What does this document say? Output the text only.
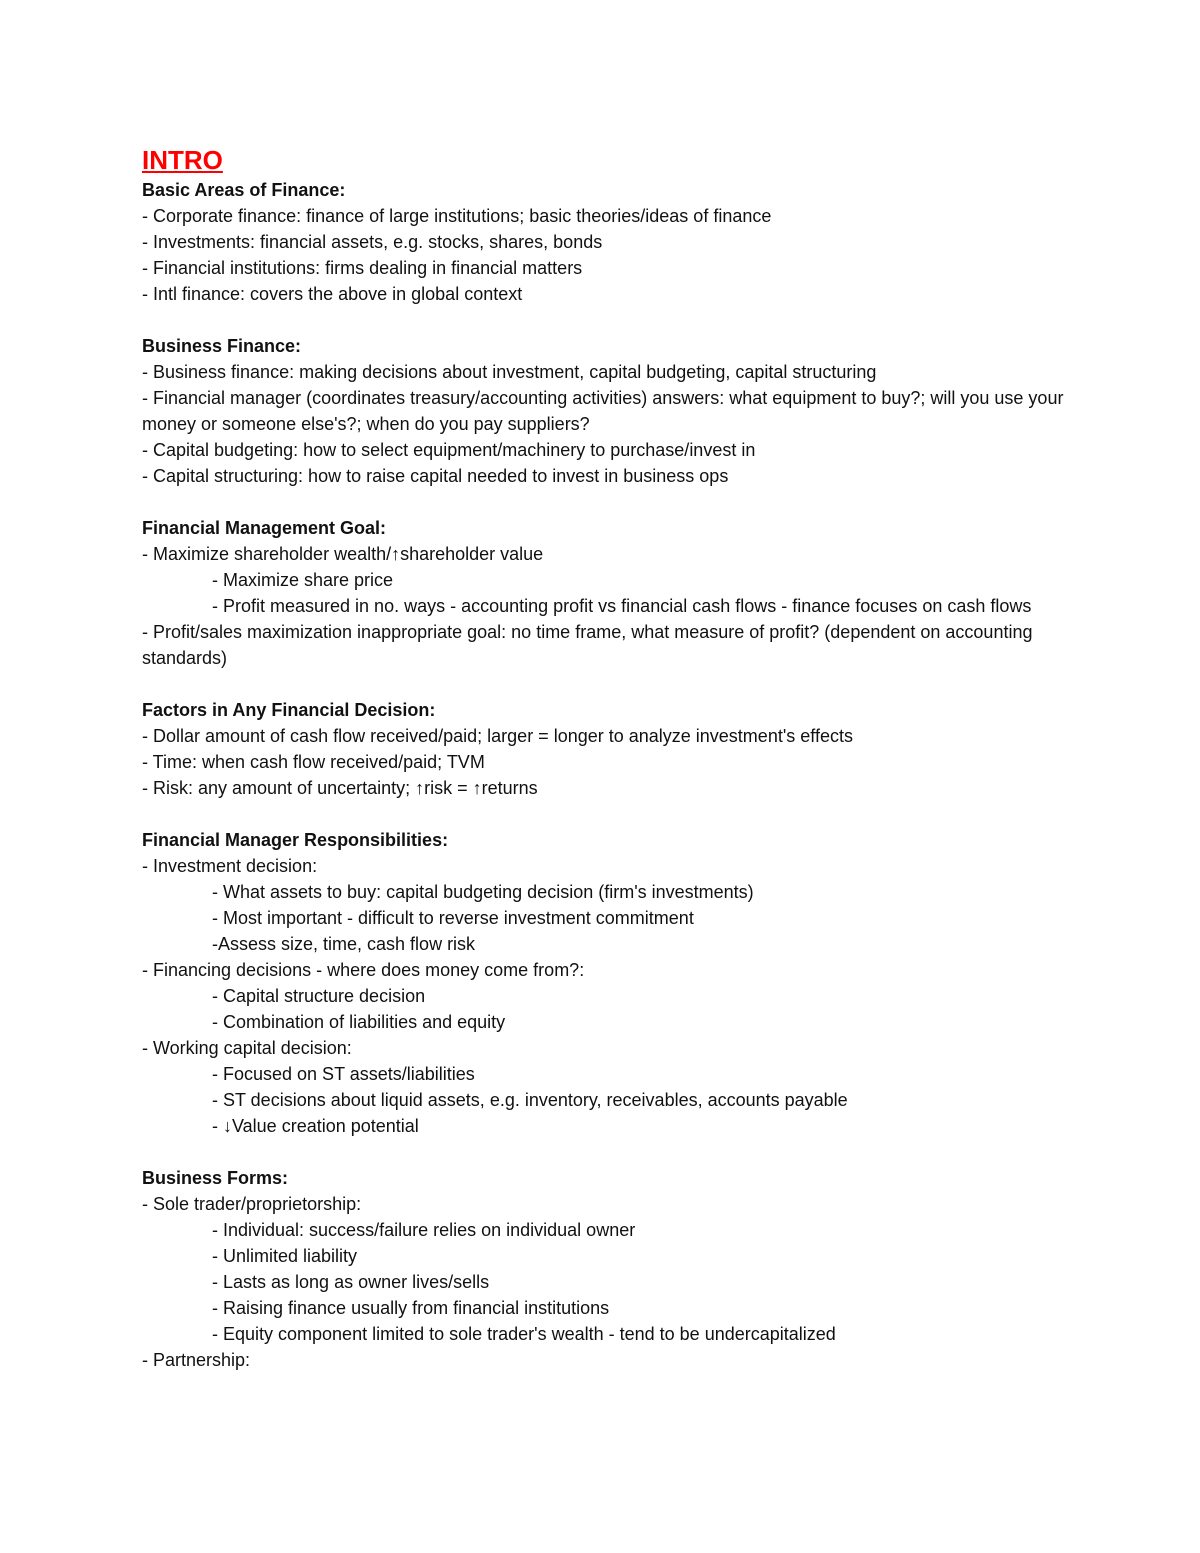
INTRO
Basic Areas of Finance:
- Corporate finance: finance of large institutions; basic theories/ideas of finance
- Investments: financial assets, e.g. stocks, shares, bonds
- Financial institutions: firms dealing in financial matters
- Intl finance: covers the above in global context
Business Finance:
- Business finance: making decisions about investment, capital budgeting, capital structuring
- Financial manager (coordinates treasury/accounting activities) answers: what equipment to buy?; will you use your money or someone else's?; when do you pay suppliers?
- Capital budgeting: how to select equipment/machinery to purchase/invest in
- Capital structuring: how to raise capital needed to invest in business ops
Financial Management Goal:
- Maximize shareholder wealth/↑shareholder value
- Maximize share price
- Profit measured in no. ways - accounting profit vs financial cash flows - finance focuses on cash flows
- Profit/sales maximization inappropriate goal: no time frame, what measure of profit? (dependent on accounting standards)
Factors in Any Financial Decision:
- Dollar amount of cash flow received/paid; larger = longer to analyze investment's effects
- Time: when cash flow received/paid; TVM
- Risk: any amount of uncertainty; ↑risk = ↑returns
Financial Manager Responsibilities:
- Investment decision:
- What assets to buy: capital budgeting decision (firm's investments)
- Most important - difficult to reverse investment commitment
-Assess size, time, cash flow risk
- Financing decisions - where does money come from?:
- Capital structure decision
- Combination of liabilities and equity
- Working capital decision:
- Focused on ST assets/liabilities
- ST decisions about liquid assets, e.g. inventory, receivables, accounts payable
- ↓Value creation potential
Business Forms:
- Sole trader/proprietorship:
- Individual: success/failure relies on individual owner
- Unlimited liability
- Lasts as long as owner lives/sells
- Raising finance usually from financial institutions
- Equity component limited to sole trader's wealth - tend to be undercapitalized
- Partnership:
